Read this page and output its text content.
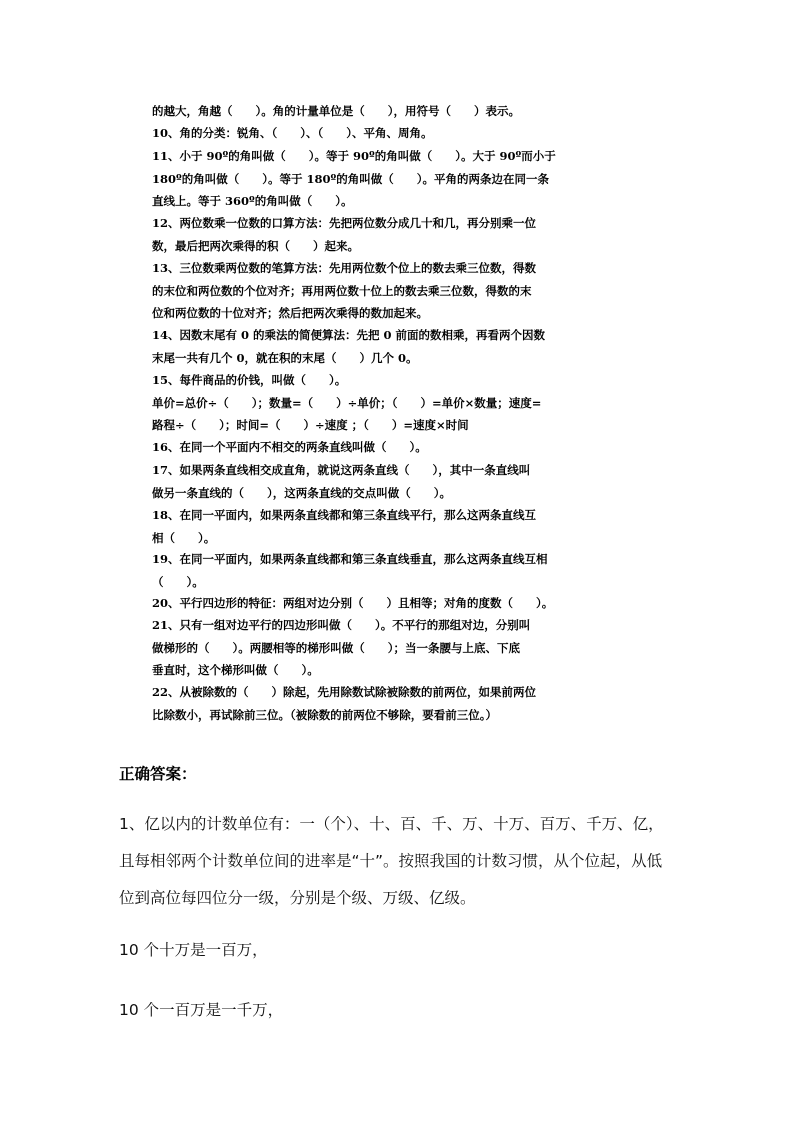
的越大，角越（　　）。角的计量单位是（　　），用符号（　　）表示。

10、角的分类：锐角、（　　）、（　　）、平角、周角。

11、小于 90º的角叫做（　　）。等于 90º的角叫做（　　）。大于 90º而小于
180º的角叫做（　　）。等于 180º的角叫做（　　）。平角的两条边在同一条
直线上。等于 360º的角叫做（　　）。

12、两位数乘一位数的口算方法：先把两位数分成几十和几，再分别乘一位
数，最后把两次乘得的积（　　）起来。

13、三位数乘两位数的笔算方法：先用两位数个位上的数去乘三位数，得数
的末位和两位数的个位对齐；再用两位数十位上的数去乘三位数，得数的末
位和两位数的十位对齐；然后把两次乘得的数加起来。

14、因数末尾有 0 的乘法的简便算法：先把 0 前面的数相乘，再看两个因数
末尾一共有几个 0，就在积的末尾（　　）几个 0。

15、每件商品的价钱，叫做（　　）。
单价=总价÷（　　）；数量=（　　）÷单价；（　　）=单价×数量；速度=
路程÷（　　）；时间=（　　）÷速度 ；（　　）=速度×时间

16、在同一个平面内不相交的两条直线叫做（　　）。

17、如果两条直线相交成直角，就说这两条直线（　　），其中一条直线叫
做另一条直线的（　　），这两条直线的交点叫做（　　）。

18、在同一平面内，如果两条直线都和第三条直线平行，那么这两条直线互
相（　　）。

19、在同一平面内，如果两条直线都和第三条直线垂直，那么这两条直线互相
（　　）。

20、平行四边形的特征：两组对边分别（　　）且相等；对角的度数（　　）。

21、只有一组对边平行的四边形叫做（　　）。不平行的那组对边，分别叫
做梯形的（　　）。两腰相等的梯形叫做（　　）；当一条腰与上底、下底
垂直时，这个梯形叫做（　　）。

22、从被除数的（　　）除起，先用除数试除被除数的前两位，如果前两位
比除数小，再试除前三位。（被除数的前两位不够除，要看前三位。）

正确答案：

1、亿以内的计数单位有：一（个）、十、百、千、万、十万、百万、千万、亿，
且每相邻两个计数单位间的进率是“十”。按照我国的计数习惯，从个位起，从低
位到高位每四位分一级，分别是个级、万级、亿级。

10 个十万是一百万，

10 个一百万是一千万，
